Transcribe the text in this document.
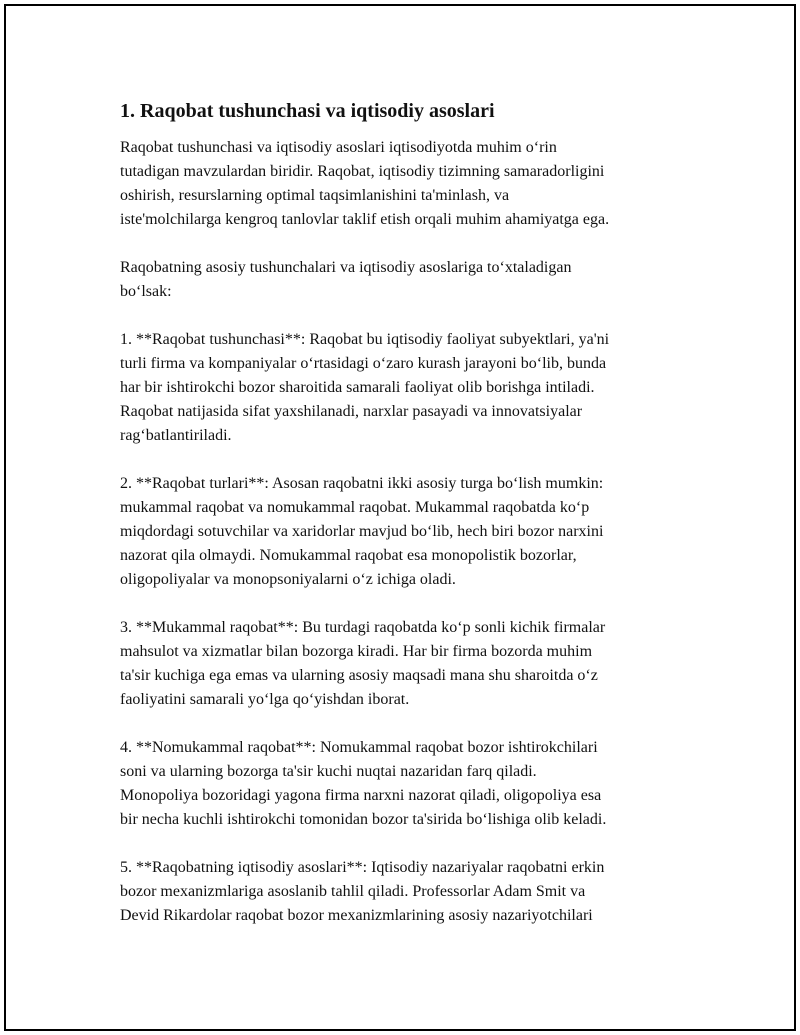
1. Raqobat tushunchasi va iqtisodiy asoslari

Raqobat tushunchasi va iqtisodiy asoslari iqtisodiyotda muhim o‘rin
tutadigan mavzulardan biridir. Raqobat, iqtisodiy tizimning samaradorligini
oshirish, resurslarning optimal taqsimlanishini ta'minlash, va
iste'molchilarga kengroq tanlovlar taklif etish orqali muhim ahamiyatga ega.

Raqobatning asosiy tushunchalari va iqtisodiy asoslariga to‘xtaladigan
bo‘lsak:

1. **Raqobat tushunchasi**: Raqobat bu iqtisodiy faoliyat subyektlari, ya'ni
turli firma va kompaniyalar o‘rtasidagi o‘zaro kurash jarayoni bo‘lib, bunda
har bir ishtirokchi bozor sharoitida samarali faoliyat olib borishga intiladi.
Raqobat natijasida sifat yaxshilanadi, narxlar pasayadi va innovatsiyalar
rag‘batlantiriladi.

2. **Raqobat turlari**: Asosan raqobatni ikki asosiy turga bo‘lish mumkin:
mukammal raqobat va nomukammal raqobat. Mukammal raqobatda ko‘p
miqdordagi sotuvchilar va xaridorlar mavjud bo‘lib, hech biri bozor narxini
nazorat qila olmaydi. Nomukammal raqobat esa monopolistik bozorlar,
oligopoliyalar va monopsoniyalarni o‘z ichiga oladi.

3. **Mukammal raqobat**: Bu turdagi raqobatda ko‘p sonli kichik firmalar
mahsulot va xizmatlar bilan bozorga kiradi. Har bir firma bozorda muhim
ta'sir kuchiga ega emas va ularning asosiy maqsadi mana shu sharoitda o‘z
faoliyatini samarali yo‘lga qo‘yishdan iborat.

4. **Nomukammal raqobat**: Nomukammal raqobat bozor ishtirokchilari
soni va ularning bozorga ta'sir kuchi nuqtai nazaridan farq qiladi.
Monopoliya bozoridagi yagona firma narxni nazorat qiladi, oligopoliya esa
bir necha kuchli ishtirokchi tomonidan bozor ta'sirida bo‘lishiga olib keladi.

5. **Raqobatning iqtisodiy asoslari**: Iqtisodiy nazariyalar raqobatni erkin
bozor mexanizmlariga asoslanib tahlil qiladi. Professorlar Adam Smit va
Devid Rikardolar raqobat bozor mexanizmlarining asosiy nazariyotchilari
